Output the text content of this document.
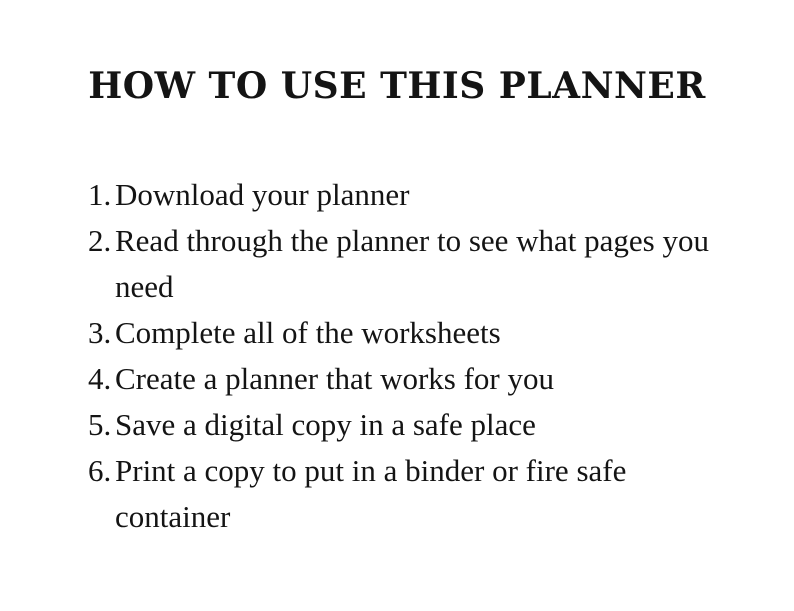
HOW TO USE THIS PLANNER
1. Download your planner
2. Read through the planner to see what pages you need
3. Complete all of the worksheets
4. Create a planner that works for you
5. Save a digital copy in a safe place
6. Print a copy to put in a binder or fire safe container
